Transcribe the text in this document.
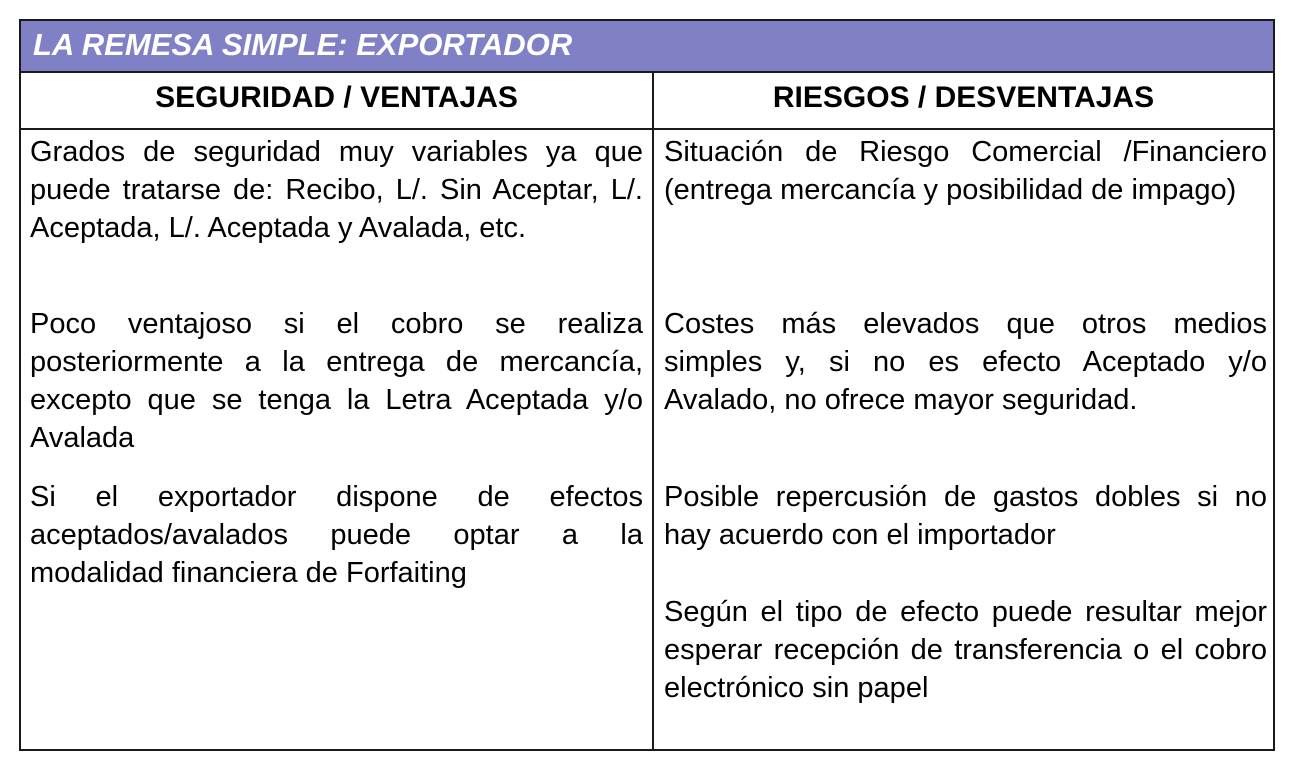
LA REMESA SIMPLE: EXPORTADOR
SEGURIDAD / VENTAJAS	RIESGOS / DESVENTAJAS

Grados de seguridad muy variables ya que puede tratarse de: Recibo, L/. Sin Aceptar, L/. Aceptada, L/. Aceptada y Avalada, etc.

Poco ventajoso si el cobro se realiza posteriormente a la entrega de mercancía, excepto que se tenga la Letra Aceptada y/o Avalada

Si el exportador dispone de efectos aceptados/avalados puede optar a la modalidad financiera de Forfaiting

Situación de Riesgo Comercial /Financiero (entrega mercancía y posibilidad de impago)

Costes más elevados que otros medios simples y, si no es efecto Aceptado y/o Avalado, no ofrece mayor seguridad.

Posible repercusión de gastos dobles si no hay acuerdo con el importador

Según el tipo de efecto puede resultar mejor esperar recepción de transferencia o el cobro electrónico sin papel
